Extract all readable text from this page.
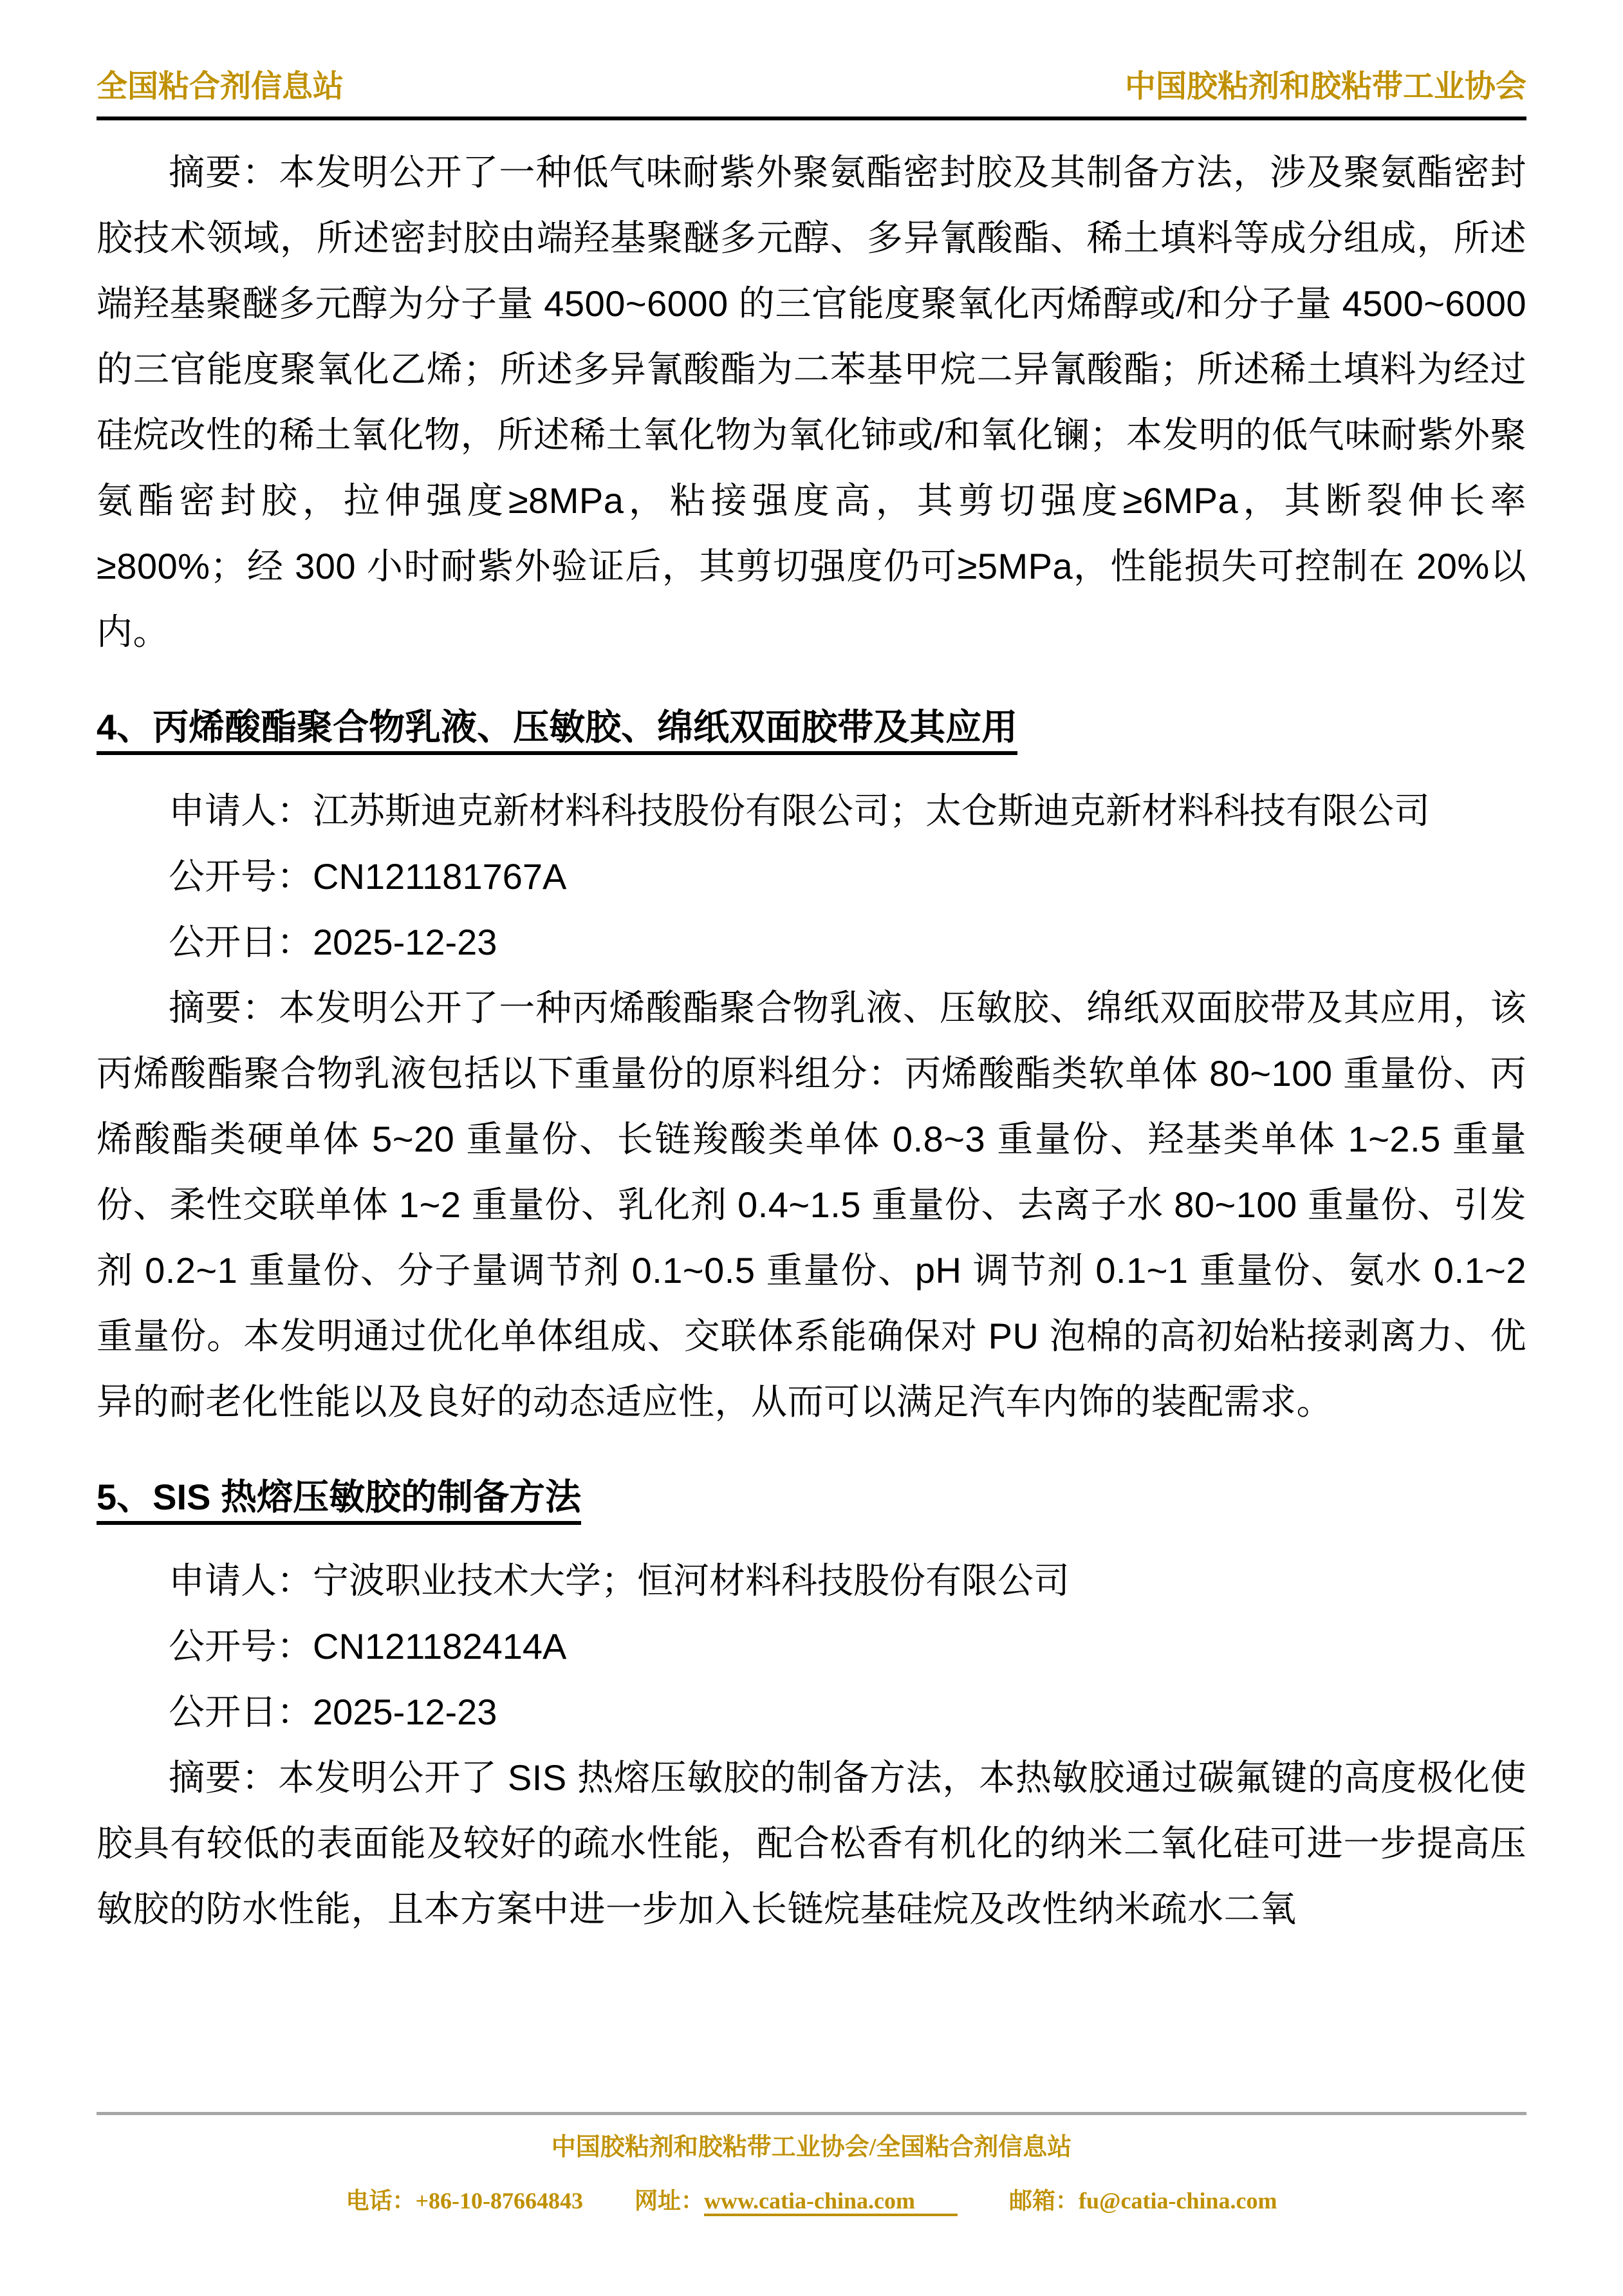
全国粘合剂信息站	中国胶粘剂和胶粘带工业协会

摘要：本发明公开了一种低气味耐紫外聚氨酯密封胶及其制备方法，涉及聚氨酯密封胶技术领域，所述密封胶由端羟基聚醚多元醇、多异氰酸酯、稀土填料等成分组成，所述端羟基聚醚多元醇为分子量 4500~6000 的三官能度聚氧化丙烯醇或/和分子量 4500~6000 的三官能度聚氧化乙烯；所述多异氰酸酯为二苯基甲烷二异氰酸酯；所述稀土填料为经过硅烷改性的稀土氧化物，所述稀土氧化物为氧化铈或/和氧化镧；本发明的低气味耐紫外聚氨酯密封胶，拉伸强度≥8MPa，粘接强度高，其剪切强度≥6MPa，其断裂伸长率≥800%；经 300 小时耐紫外验证后，其剪切强度仍可≥5MPa，性能损失可控制在 20%以内。

4、丙烯酸酯聚合物乳液、压敏胶、绵纸双面胶带及其应用

申请人：江苏斯迪克新材料科技股份有限公司；太仓斯迪克新材料科技有限公司

公开号：CN121181767A

公开日：2025-12-23

摘要：本发明公开了一种丙烯酸酯聚合物乳液、压敏胶、绵纸双面胶带及其应用，该丙烯酸酯聚合物乳液包括以下重量份的原料组分：丙烯酸酯类软单体 80~100 重量份、丙烯酸酯类硬单体 5~20 重量份、长链羧酸类单体 0.8~3 重量份、羟基类单体 1~2.5 重量份、柔性交联单体 1~2 重量份、乳化剂 0.4~1.5 重量份、去离子水 80~100 重量份、引发剂 0.2~1 重量份、分子量调节剂 0.1~0.5 重量份、pH 调节剂 0.1~1 重量份、氨水 0.1~2 重量份。本发明通过优化单体组成、交联体系能确保对 PU 泡棉的高初始粘接剥离力、优异的耐老化性能以及良好的动态适应性，从而可以满足汽车内饰的装配需求。

5、SIS 热熔压敏胶的制备方法

申请人：宁波职业技术大学；恒河材料科技股份有限公司

公开号：CN121182414A

公开日：2025-12-23

摘要：本发明公开了 SIS 热熔压敏胶的制备方法，本热敏胶通过碳氟键的高度极化使胶具有较低的表面能及较好的疏水性能，配合松香有机化的纳米二氧化硅可进一步提高压敏胶的防水性能，且本方案中进一步加入长链烷基硅烷及改性纳米疏水二氧

中国胶粘剂和胶粘带工业协会/全国粘合剂信息站
电话：+86-10-87664843 网址：www.catia-china.com	邮箱：fu@catia-china.com
